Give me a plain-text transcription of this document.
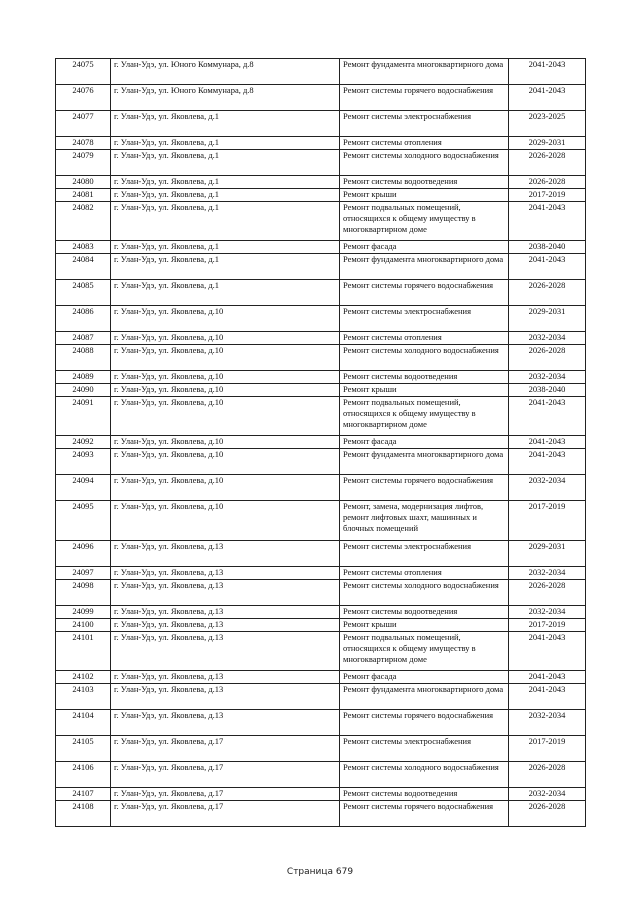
24075	г. Улан-Удэ, ул. Юного Коммунара, д.8	Ремонт фундамента многоквартирного дома	2041-2043
24076	г. Улан-Удэ, ул. Юного Коммунара, д.8	Ремонт системы горячего водоснабжения	2041-2043
24077	г. Улан-Удэ, ул. Яковлева, д.1	Ремонт системы электроснабжения	2023-2025
24078	г. Улан-Удэ, ул. Яковлева, д.1	Ремонт системы отопления	2029-2031
24079	г. Улан-Удэ, ул. Яковлева, д.1	Ремонт системы холодного водоснабжения	2026-2028
24080	г. Улан-Удэ, ул. Яковлева, д.1	Ремонт системы водоотведения	2026-2028
24081	г. Улан-Удэ, ул. Яковлева, д.1	Ремонт крыши	2017-2019
24082	г. Улан-Удэ, ул. Яковлева, д.1	Ремонт подвальных помещений, относящихся к общему имуществу в многоквартирном доме	2041-2043
24083	г. Улан-Удэ, ул. Яковлева, д.1	Ремонт фасада	2038-2040
24084	г. Улан-Удэ, ул. Яковлева, д.1	Ремонт фундамента многоквартирного дома	2041-2043
24085	г. Улан-Удэ, ул. Яковлева, д.1	Ремонт системы горячего водоснабжения	2026-2028
24086	г. Улан-Удэ, ул. Яковлева, д.10	Ремонт системы электроснабжения	2029-2031
24087	г. Улан-Удэ, ул. Яковлева, д.10	Ремонт системы отопления	2032-2034
24088	г. Улан-Удэ, ул. Яковлева, д.10	Ремонт системы холодного водоснабжения	2026-2028
24089	г. Улан-Удэ, ул. Яковлева, д.10	Ремонт системы водоотведения	2032-2034
24090	г. Улан-Удэ, ул. Яковлева, д.10	Ремонт крыши	2038-2040
24091	г. Улан-Удэ, ул. Яковлева, д.10	Ремонт подвальных помещений, относящихся к общему имуществу в многоквартирном доме	2041-2043
24092	г. Улан-Удэ, ул. Яковлева, д.10	Ремонт фасада	2041-2043
24093	г. Улан-Удэ, ул. Яковлева, д.10	Ремонт фундамента многоквартирного дома	2041-2043
24094	г. Улан-Удэ, ул. Яковлева, д.10	Ремонт системы горячего водоснабжения	2032-2034
24095	г. Улан-Удэ, ул. Яковлева, д.10	Ремонт, замена, модернизация лифтов, ремонт лифтовых шахт, машинных и блочных помещений	2017-2019
24096	г. Улан-Удэ, ул. Яковлева, д.13	Ремонт системы электроснабжения	2029-2031
24097	г. Улан-Удэ, ул. Яковлева, д.13	Ремонт системы отопления	2032-2034
24098	г. Улан-Удэ, ул. Яковлева, д.13	Ремонт системы холодного водоснабжения	2026-2028
24099	г. Улан-Удэ, ул. Яковлева, д.13	Ремонт системы водоотведения	2032-2034
24100	г. Улан-Удэ, ул. Яковлева, д.13	Ремонт крыши	2017-2019
24101	г. Улан-Удэ, ул. Яковлева, д.13	Ремонт подвальных помещений, относящихся к общему имуществу в многоквартирном доме	2041-2043
24102	г. Улан-Удэ, ул. Яковлева, д.13	Ремонт фасада	2041-2043
24103	г. Улан-Удэ, ул. Яковлева, д.13	Ремонт фундамента многоквартирного дома	2041-2043
24104	г. Улан-Удэ, ул. Яковлева, д.13	Ремонт системы горячего водоснабжения	2032-2034
24105	г. Улан-Удэ, ул. Яковлева, д.17	Ремонт системы электроснабжения	2017-2019
24106	г. Улан-Удэ, ул. Яковлева, д.17	Ремонт системы холодного водоснабжения	2026-2028
24107	г. Улан-Удэ, ул. Яковлева, д.17	Ремонт системы водоотведения	2032-2034
24108	г. Улан-Удэ, ул. Яковлева, д.17	Ремонт системы горячего водоснабжения	2026-2028
Страница 679
